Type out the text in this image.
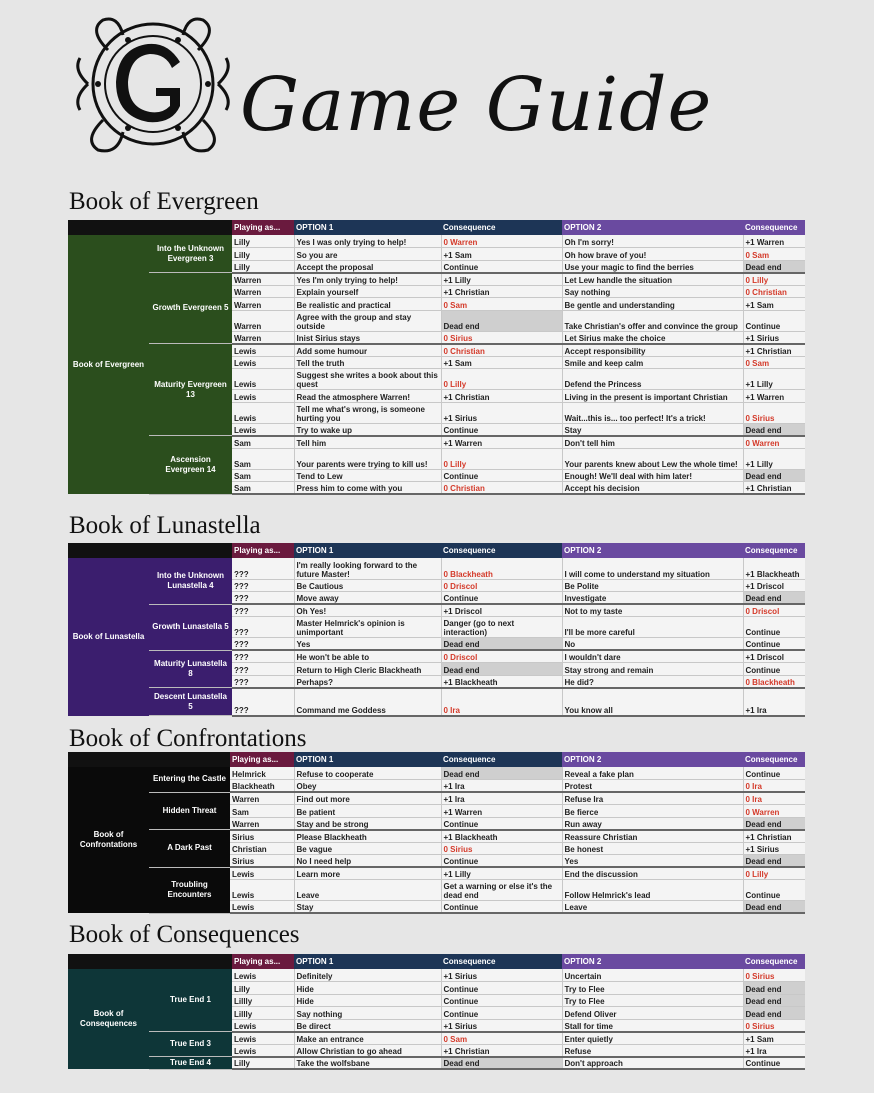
Game Guide
Book of Evergreen
		Playing as...	OPTION 1	Consequence	OPTION 2	Consequence
Book of Evergreen	Into the Unknown Evergreen 3	Lilly	Yes I was only trying to help!	0 Warren	Oh I'm sorry!	+1 Warren
		Lilly	So you are	+1 Sam	Oh how brave of you!	0 Sam
		Lilly	Accept the proposal	Continue	Use your magic to find the berries	Dead end
	Growth Evergreen 5	Warren	Yes I'm only trying to help!	+1 Lilly	Let Lew handle the situation	0 Lilly
		Warren	Explain yourself	+1 Christian	Say nothing	0 Christian
		Warren	Be realistic and practical	0 Sam	Be gentle and understanding	+1 Sam
		Warren	Agree with the group and stay outside	Dead end	Take Christian's offer and convince the group	Continue
		Warren	Inist Sirius stays	0 Sirius	Let Sirius make the choice	+1 Sirius
	Maturity Evergreen 13	Lewis	Add some humour	0 Christian	Accept responsibility	+1 Christian
		Lewis	Tell the truth	+1 Sam	Smile and keep calm	0 Sam
		Lewis	Suggest she writes a book about this quest	0 Lilly	Defend the Princess	+1 Lilly
		Lewis	Read the atmosphere Warren!	+1 Christian	Living in the present is important Christian	+1 Warren
		Lewis	Tell me what's wrong, is someone hurting you	+1 Sirius	Wait...this is... too perfect! It's a trick!	0 Sirius
		Lewis	Try to wake up	Continue	Stay	Dead end
	Ascension Evergreen 14	Sam	Tell him	+1 Warren	Don't tell him	0 Warren
		Sam	Your parents were trying to kill us!	0 Lilly	Your parents knew about Lew the whole time!	+1 Lilly
		Sam	Tend to Lew	Continue	Enough! We'll deal with him later!	Dead end
		Sam	Press him to come with you	0 Christian	Accept his decision	+1 Christian
Book of Lunastella
		Playing as...	OPTION 1	Consequence	OPTION 2	Consequence
Book of Lunastella	Into the Unknown Lunastella 4	???	I'm really looking forward to the future Master!	0 Blackheath	I will come to understand my situation	+1 Blackheath
		???	Be Cautious	0 Driscol	Be Polite	+1 Driscol
		???	Move away	Continue	Investigate	Dead end
	Growth Lunastella 5	???	Oh Yes!	+1 Driscol	Not to my taste	0 Driscol
		???	Master Helmrick's opinion is unimportant	Danger (go to next interaction)	I'll be more careful	Continue
		???	Yes	Dead end	No	Continue
	Maturity Lunastella 8	???	He won't be able to	0 Driscol	I wouldn't dare	+1 Driscol
		???	Return to High Cleric Blackheath	Dead end	Stay strong and remain	Continue
		???	Perhaps?	+1 Blackheath	He did?	0 Blackheath
	Descent Lunastella 5	???	Command me Goddess	0 Ira	You know all	+1 Ira
Book of Confrontations
		Playing as...	OPTION 1	Consequence	OPTION 2	Consequence
Book of Confrontations	Entering the Castle	Helmrick	Refuse to cooperate	Dead end	Reveal a fake plan	Continue
		Blackheath	Obey	+1 Ira	Protest	0 Ira
	Hidden Threat	Warren	Find out more	+1 Ira	Refuse Ira	0 Ira
		Sam	Be patient	+1 Warren	Be fierce	0 Warren
		Warren	Stay and be strong	Continue	Run away	Dead end
	A Dark Past	Sirius	Please Blackheath	+1 Blackheath	Reassure Christian	+1 Christian
		Christian	Be vague	0 Sirius	Be honest	+1 Sirius
		Sirius	No I need help	Continue	Yes	Dead end
	Troubling Encounters	Lewis	Learn more	+1 Lilly	End the discussion	0 Lilly
		Lewis	Leave	Get a warning or else it's the dead end	Follow Helmrick's lead	Continue
		Lewis	Stay	Continue	Leave	Dead end
Book of Consequences
		Playing as...	OPTION 1	Consequence	OPTION 2	Consequence
Book of Consequences	True End 1	Lewis	Definitely	+1 Sirius	Uncertain	0 Sirius
		Lilly	Hide	Continue	Try to Flee	Dead end
		Lillly	Hide	Continue	Try to Flee	Dead end
		Lillly	Say nothing	Continue	Defend Oliver	Dead end
		Lewis	Be direct	+1 Sirius	Stall for time	0 Sirius
	True End 3	Lewis	Make an entrance	0 Sam	Enter quietly	+1 Sam
		Lewis	Allow Christian to go ahead	+1 Christian	Refuse	+1 Ira
	True End 4	Lilly	Take the wolfsbane	Dead end	Don't approach	Continue
